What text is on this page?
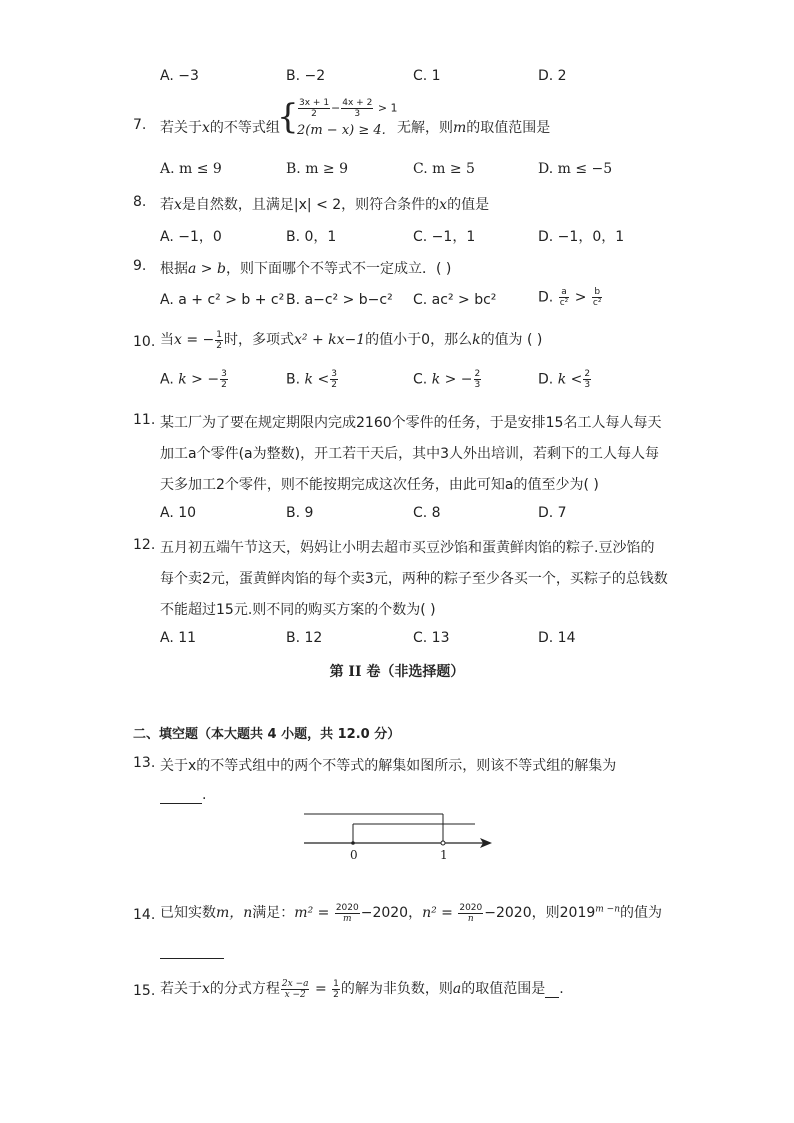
A. −3	B. −2	C. 1	D. 2
7. 若关于x的不等式组
{ $\frac{3x + 1}{2} - \frac{4x + 2}{3} > 1$
2(m − x) ≥ 4. 无解，则m的取值范围是
A. m ≤ 9	B. m ≥ 9	C. m ≥ 5	D. m ≤ −5
8. 若x是自然数，且满足|x| < 2，则符合条件的x的值是
A. −1，0	B. 0，1	C. −1，1	D. −1，0，1
9. 根据a > b，则下面哪个不等式不一定成立．( )
A. a + c² > b + c² B. a−c² > b−c² C. ac² > bc²	D. $\frac{a}{\text{c²}} > \frac{b}{\text{c²}}$
10. 当x = − $\frac{1}{2}$ 时，多项式x² + kx−1的值小于0，那么k的值为 ( )
A. k > − $\frac{3}{2}$	B. $k < \frac{3}{2}$	C. k > − $\frac{2}{3}$	D. $k < \frac{2}{3}$
11. 某工厂为了要在规定期限内完成2160个零件的任务，于是安排15名工人每人每天
加工a个零件(a为整数)，开工若干天后，其中3人外出培训，若剩下的工人每人每
天多加工2个零件，则不能按期完成这次任务，由此可知a的值至少为( )
A. 10	B. 9	C. 8	D. 7
12. 五月初五端午节这天，妈妈让小明去超市买豆沙馅和蛋黄鲜肉馅的粽子.豆沙馅的
每个卖2元，蛋黄鲜肉馅的每个卖3元，两种的粽子至少各买一个，买粽子的总钱数
不能超过15元.则不同的购买方案的个数为( )
A. 11	B. 12	C. 13	D. 14
第 II 卷（非选择题）
二、填空题（本大题共 4 小题，共 12.0 分）
13. 关于x的不等式组中的两个不等式的解集如图所示，则该不等式组的解集为
.
0	1
14. 已知实数m，n满足：$m^2 = \frac{2020}{m} -2020$，$n^2 = \frac{2020}{n} -2020$，则$2019^{m -n}$的值为

15. 若关于x的分式方程 $\frac{2x -a}{x -2} = \frac{1}{2}$ 的解为非负数，则a的取值范围是 .
